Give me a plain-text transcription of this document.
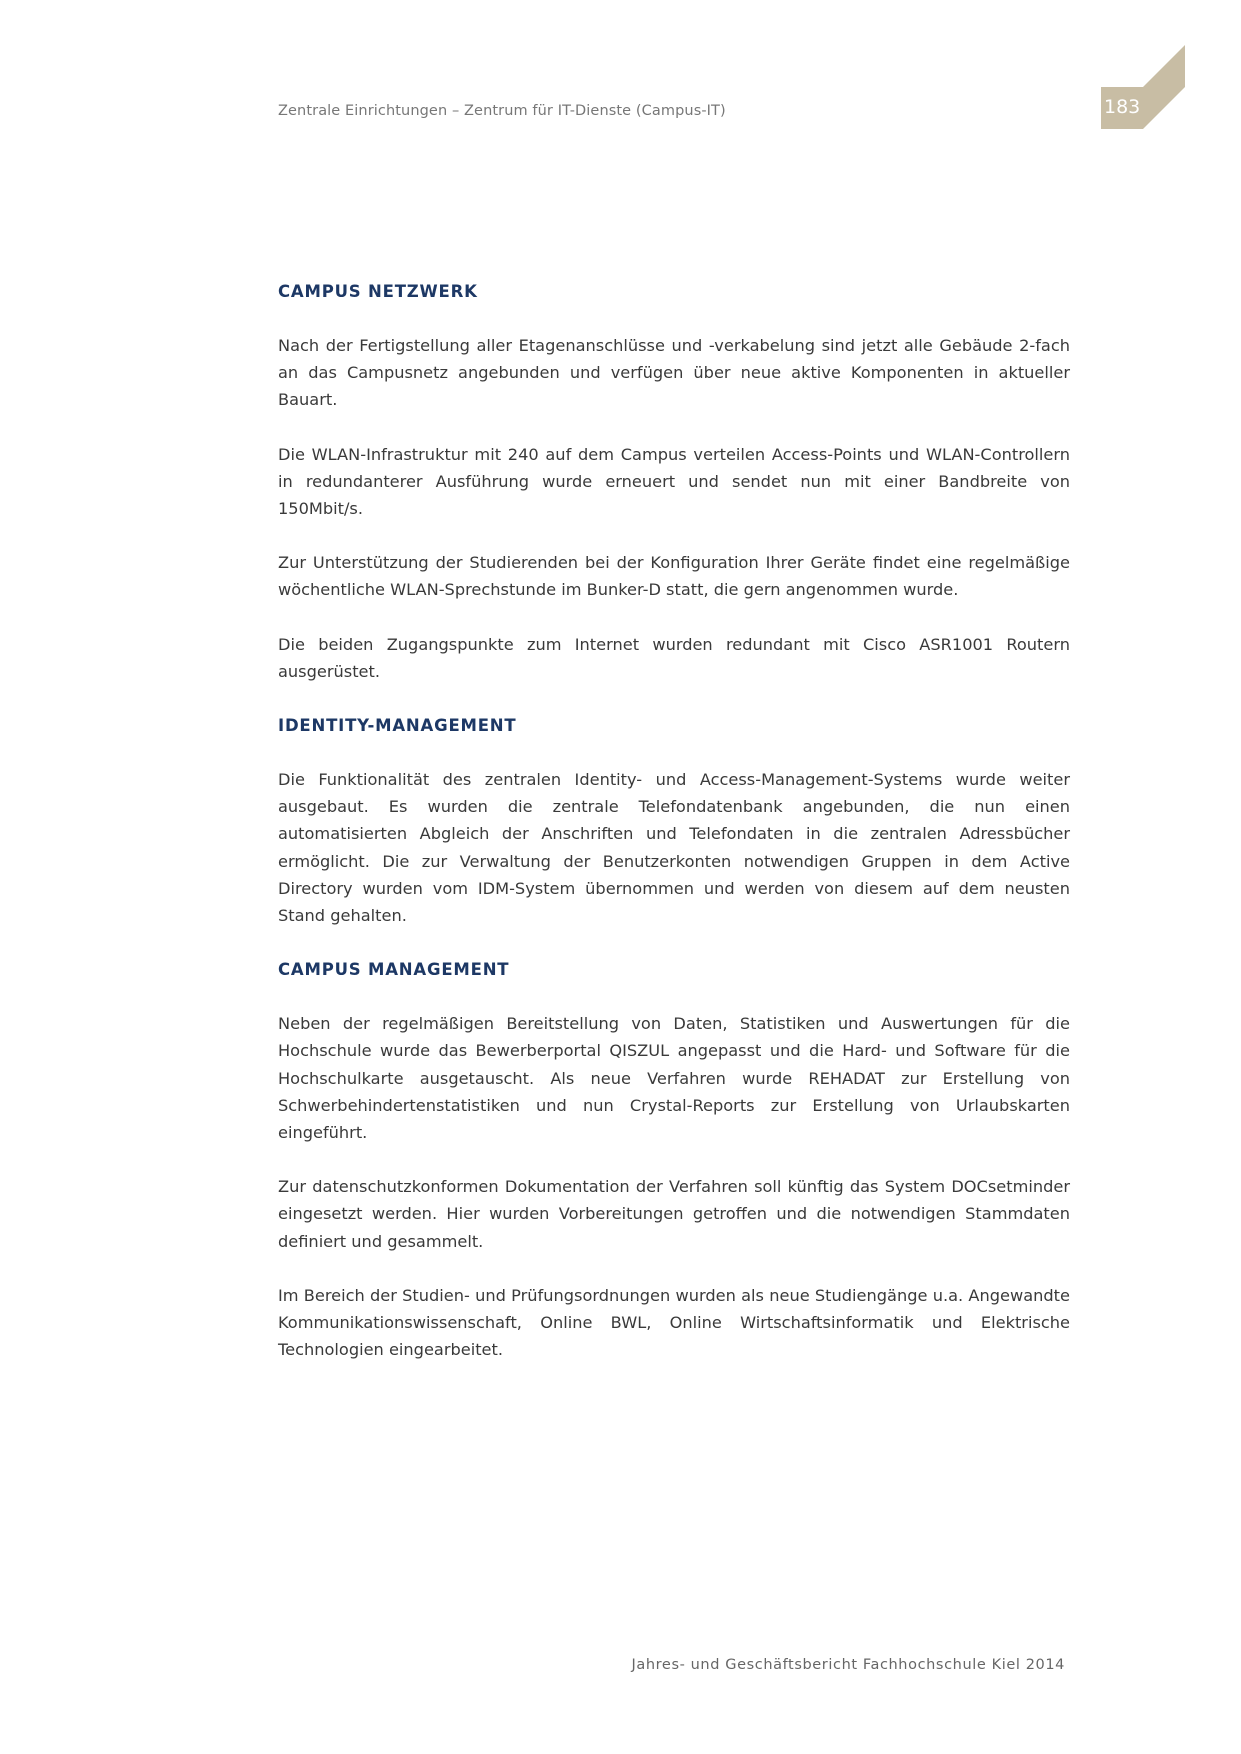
Zentrale Einrichtungen – Zentrum für IT-Dienste (Campus-IT)	183
CAMPUS NETZWERK

Nach der Fertigstellung aller Etagenanschlüsse und -verkabelung sind jetzt alle Gebäude 2-fach an das Campusnetz angebunden und verfügen über neue aktive Komponenten in aktueller Bauart.

Die WLAN-Infrastruktur mit 240 auf dem Campus verteilen Access-Points und WLAN-Controllern in redundanterer Ausführung wurde erneuert und sendet nun mit einer Bandbreite von 150Mbit/s.

Zur Unterstützung der Studierenden bei der Konfiguration Ihrer Geräte findet eine regelmäßige wöchentliche WLAN-Sprechstunde im Bunker-D statt, die gern angenommen wurde.

Die beiden Zugangspunkte zum Internet wurden redundant mit Cisco ASR1001 Routern ausgerüstet.

IDENTITY-MANAGEMENT

Die Funktionalität des zentralen Identity- und Access-Management-Systems wurde weiter ausgebaut. Es wurden die zentrale Telefondatenbank angebunden, die nun einen automatisierten Abgleich der Anschriften und Telefondaten in die zentralen Adressbücher ermöglicht. Die zur Verwaltung der Benutzerkonten notwendigen Gruppen in dem Active Directory wurden vom IDM-System übernommen und werden von diesem auf dem neusten Stand gehalten.

CAMPUS MANAGEMENT

Neben der regelmäßigen Bereitstellung von Daten, Statistiken und Auswertungen für die Hochschule wurde das Bewerberportal QISZUL angepasst und die Hard- und Software für die Hochschulkarte ausgetauscht. Als neue Verfahren wurde REHADAT zur Erstellung von Schwerbehindertenstatistiken und nun Crystal-Reports zur Erstellung von Urlaubskarten eingeführt.

Zur datenschutzkonformen Dokumentation der Verfahren soll künftig das System DOCsetminder eingesetzt werden. Hier wurden Vorbereitungen getroffen und die notwendigen Stammdaten definiert und gesammelt.

Im Bereich der Studien- und Prüfungsordnungen wurden als neue Studiengänge u.a. Angewandte Kommunikationswissenschaft, Online BWL, Online Wirtschaftsinformatik und Elektrische Technologien eingearbeitet.

Jahres- und Geschäftsbericht Fachhochschule Kiel 2014
